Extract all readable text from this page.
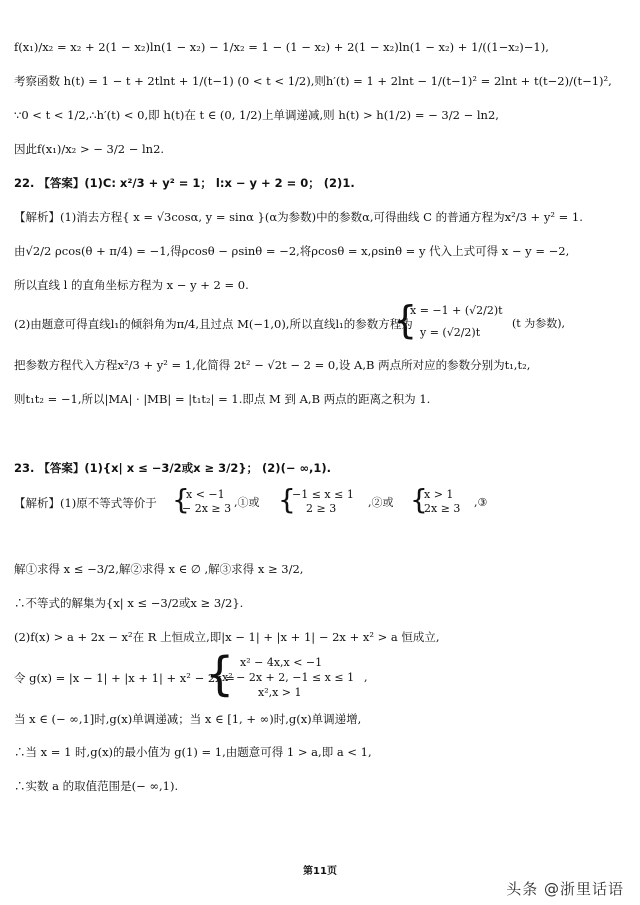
f(x₁)/x₂ = x₂ + 2(1 − x₂)ln(1 − x₂) − 1/x₂ = 1 − (1 − x₂) + 2(1 − x₂)ln(1 − x₂) + 1/((1−x₂)−1),
考察函数 h(t) = 1 − t + 2tlnt + 1/(t−1) (0 < t < 1/2),则h′(t) = 1 + 2lnt − 1/(t−1)² = 2lnt + t(t−2)/(t−1)²,
∵0 < t < 1/2,∴h′(t) < 0,即 h(t)在 t ∈ (0, 1/2)上单调递减,则 h(t) > h(1/2) = − 3/2 − ln2,
因此f(x₁)/x₂ > − 3/2 − ln2.
22. 【答案】(1)C: x²/3 + y² = 1； l:x − y + 2 = 0； (2)1.
【解析】(1)消去方程{ x = √3cosα, y = sinα }(α为参数)中的参数α,可得曲线 C 的普通方程为x²/3 + y² = 1.
由√2/2 ρcos(θ + π/4) = −1,得ρcosθ − ρsinθ = −2,将ρcosθ = x,ρsinθ = y 代入上式可得 x − y = −2,
所以直线 l 的直角坐标方程为 x − y + 2 = 0.
(2)由题意可得直线l₁的倾斜角为π/4,且过点 M(−1,0),所以直线l₁的参数方程为
{
x = −1 + (√2/2)t
y = (√2/2)t
(t 为参数),
把参数方程代入方程x²/3 + y² = 1,化简得 2t² − √2t − 2 = 0,设 A,B 两点所对应的参数分别为t₁,t₂,
则t₁t₂ = −1,所以|MA| · |MB| = |t₁t₂| = 1.即点 M 到 A,B 两点的距离之积为 1.
23. 【答案】(1){x| x ≤ −3/2或x ≥ 3/2}； (2)(− ∞,1).
【解析】(1)原不等式等价于 {
x < −1
− 2x ≥ 3 ,①或 {
−1 ≤ x ≤ 1
2 ≥ 3	,②或 {
x > 1
2x ≥ 3 ,③
解①求得 x ≤ −3/2,解②求得 x ∈ ∅ ,解③求得 x ≥ 3/2,
∴不等式的解集为{x| x ≤ −3/2或x ≥ 3/2}.
(2)f(x) > a + 2x − x²在 R 上恒成立,即|x − 1| + |x + 1| − 2x + x² > a 恒成立,
令 g(x) = |x − 1| + |x + 1| + x² − 2x =
{ x² − 4x,x < −1
x² − 2x + 2, −1 ≤ x ≤ 1
x²,x > 1
,
当 x ∈ (− ∞,1]时,g(x)单调递减；当 x ∈ [1, + ∞)时,g(x)单调递增,
∴当 x = 1 时,g(x)的最小值为 g(1) = 1,由题意可得 1 > a,即 a < 1,
∴实数 a 的取值范围是(− ∞,1).
第11页
头条 @浙里话语
